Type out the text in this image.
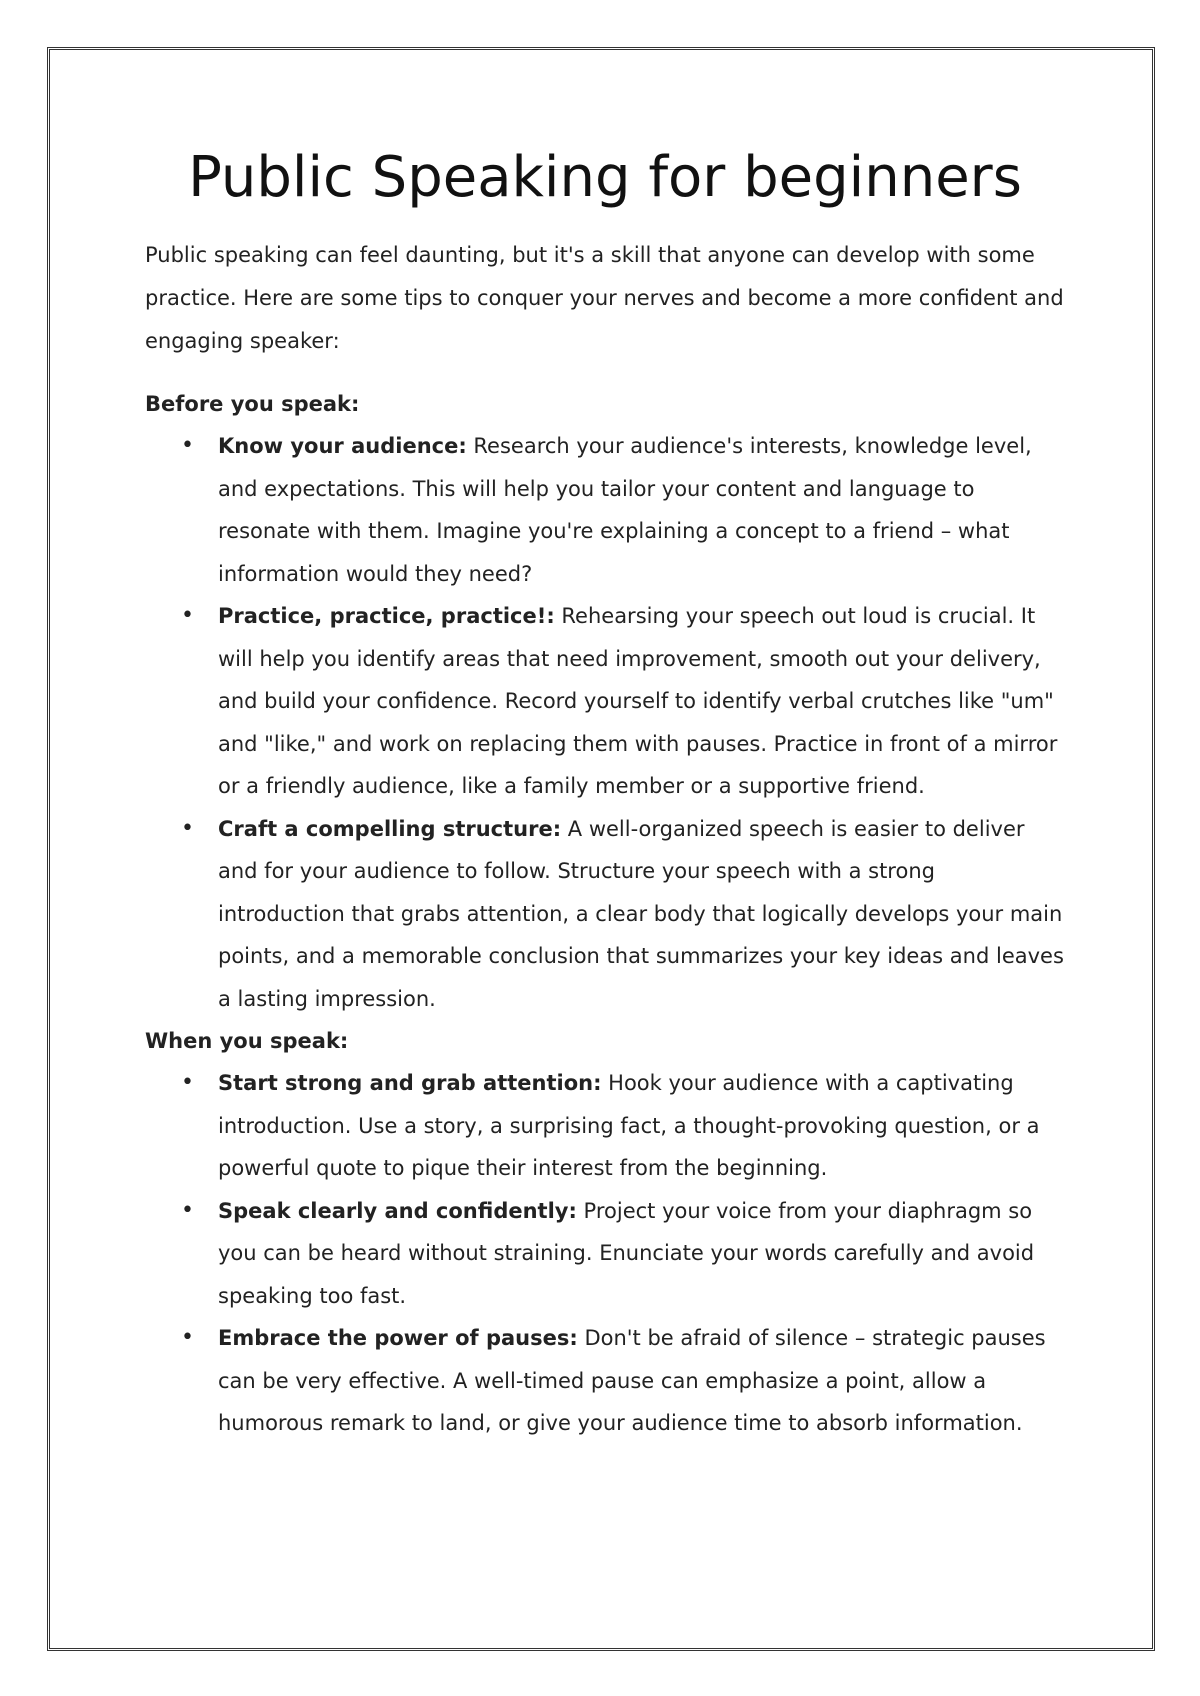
Public Speaking for beginners

Public speaking can feel daunting, but it's a skill that anyone can develop with some practice. Here are some tips to conquer your nerves and become a more confident and engaging speaker:

Before you speak:

• Know your audience: Research your audience's interests, knowledge level, and expectations. This will help you tailor your content and language to resonate with them. Imagine you're explaining a concept to a friend – what information would they need?
• Practice, practice, practice!: Rehearsing your speech out loud is crucial. It will help you identify areas that need improvement, smooth out your delivery, and build your confidence. Record yourself to identify verbal crutches like "um" and "like," and work on replacing them with pauses. Practice in front of a mirror or a friendly audience, like a family member or a supportive friend.
• Craft a compelling structure: A well-organized speech is easier to deliver and for your audience to follow. Structure your speech with a strong introduction that grabs attention, a clear body that logically develops your main points, and a memorable conclusion that summarizes your key ideas and leaves a lasting impression.

When you speak:

• Start strong and grab attention: Hook your audience with a captivating introduction. Use a story, a surprising fact, a thought-provoking question, or a powerful quote to pique their interest from the beginning.
• Speak clearly and confidently: Project your voice from your diaphragm so you can be heard without straining. Enunciate your words carefully and avoid speaking too fast.
• Embrace the power of pauses: Don't be afraid of silence – strategic pauses can be very effective. A well-timed pause can emphasize a point, allow a humorous remark to land, or give your audience time to absorb information.
